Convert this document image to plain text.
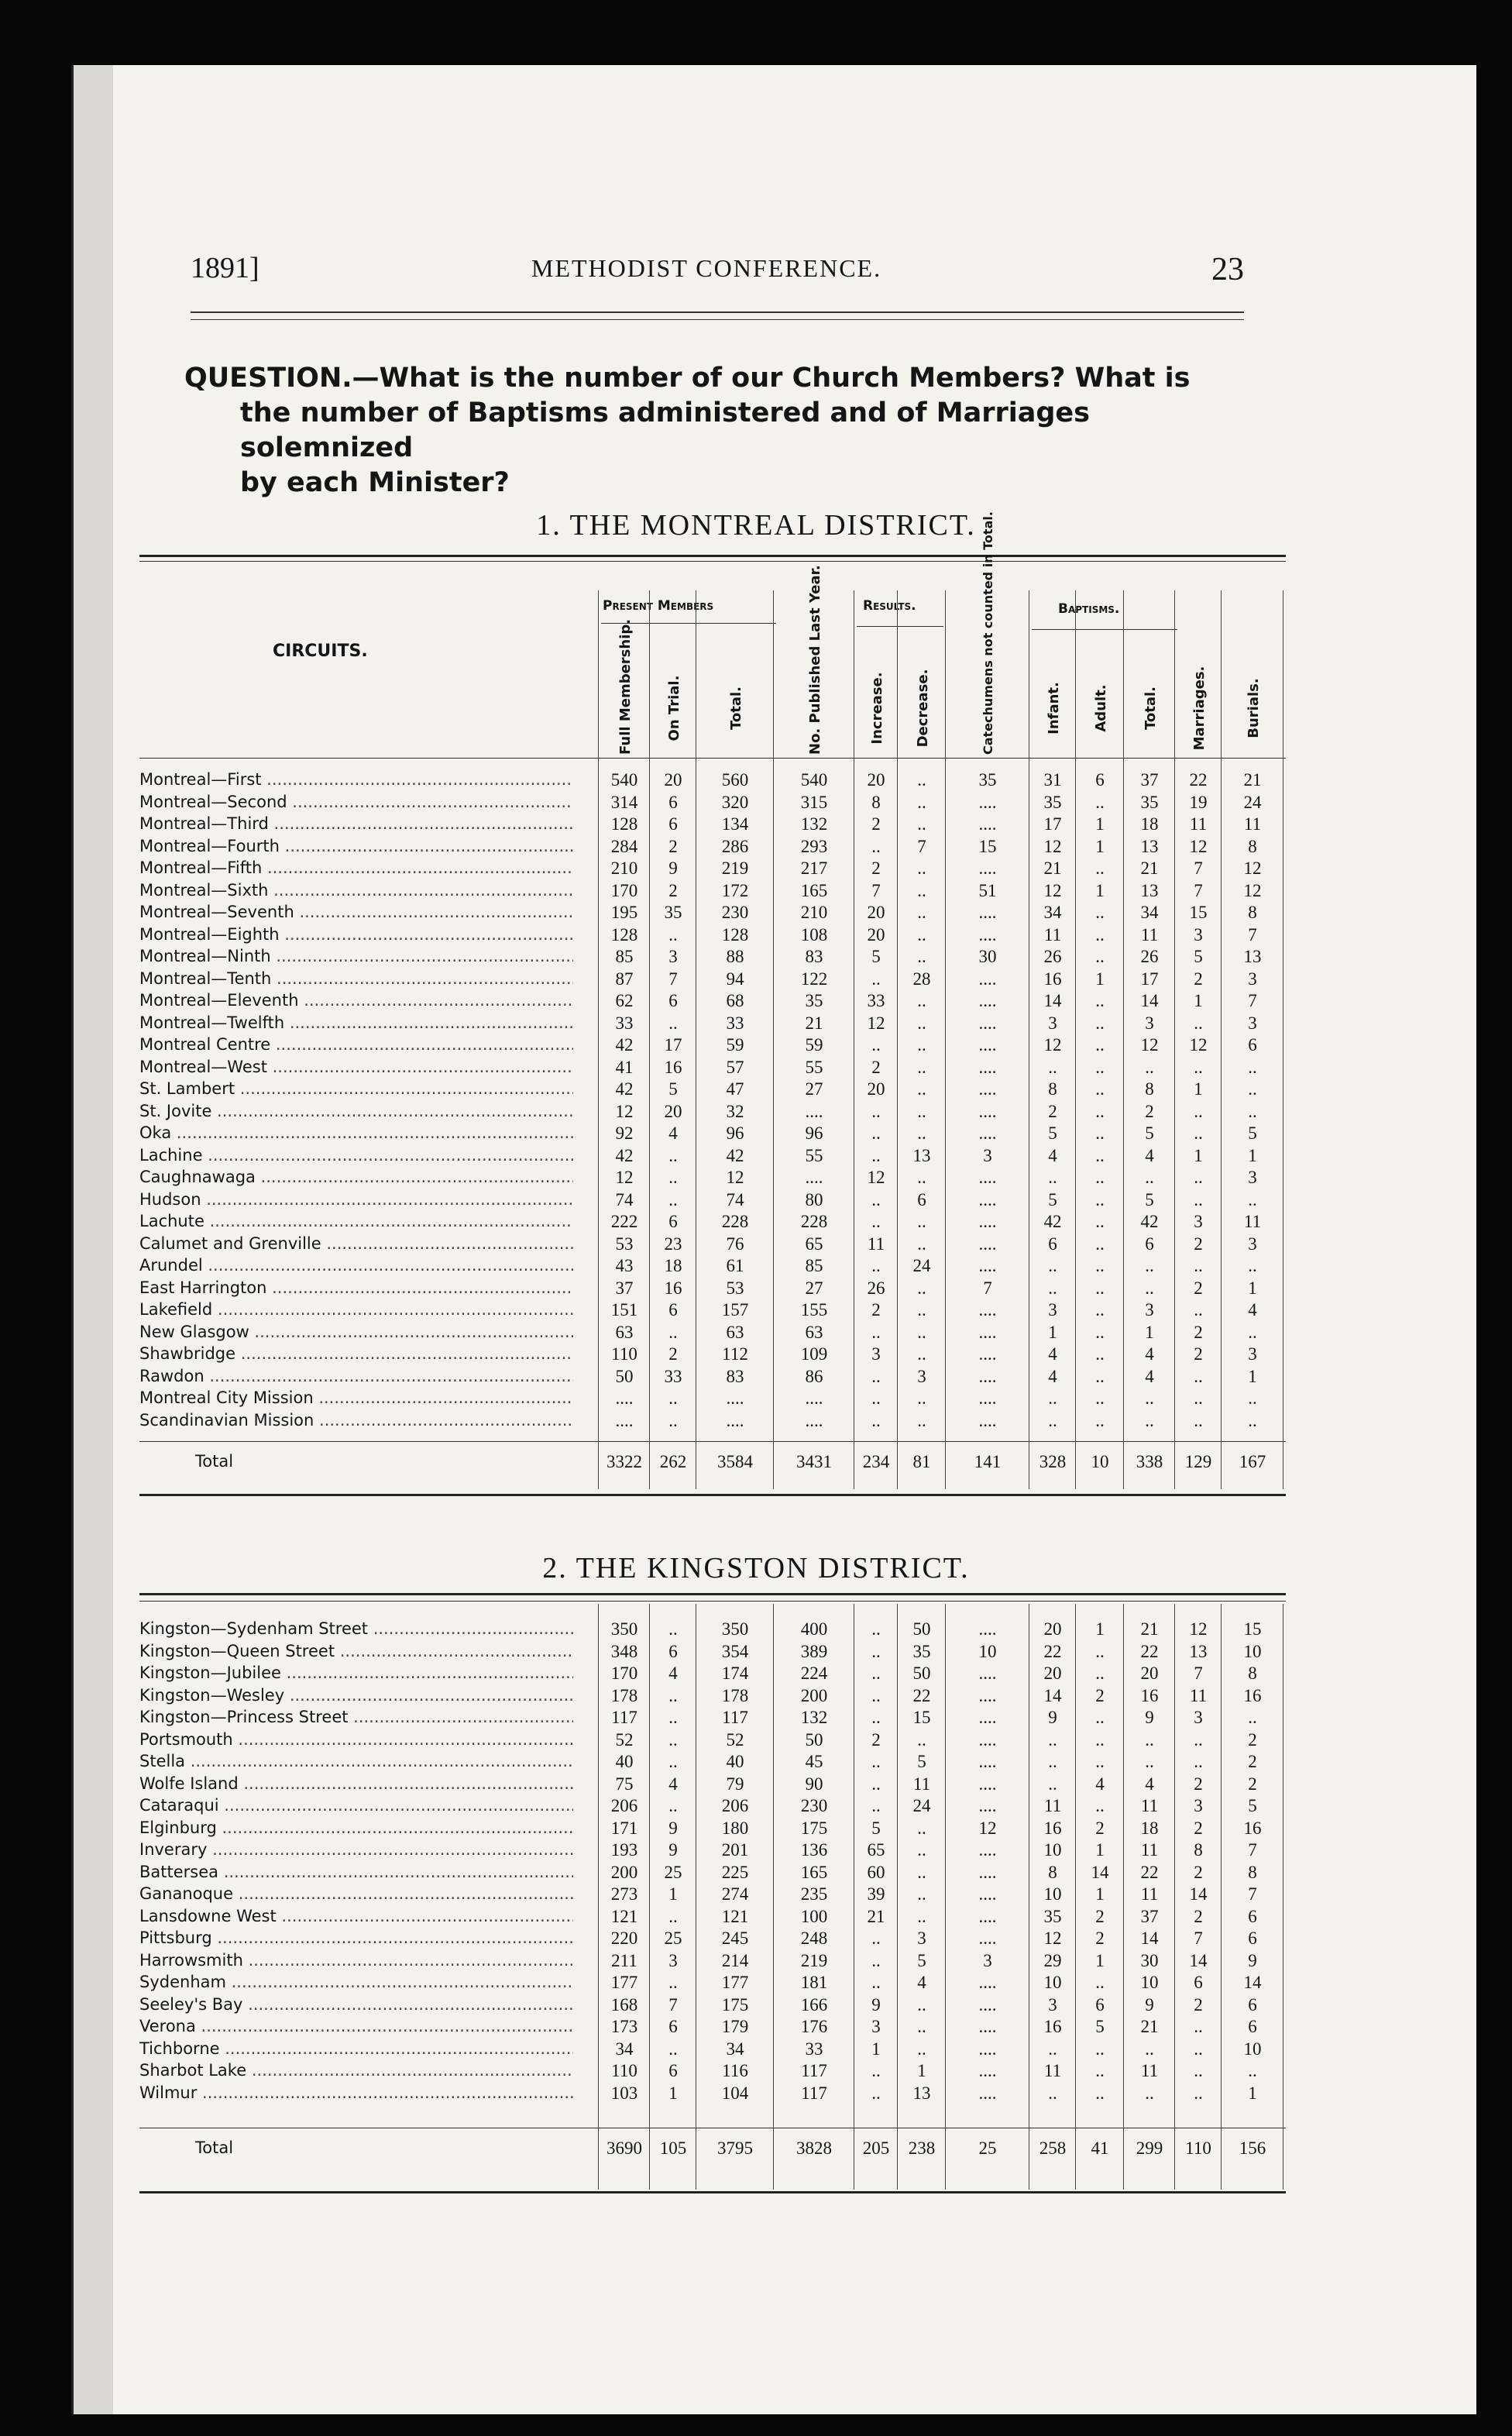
1891]	METHODIST CONFERENCE.	23
QUESTION.—What is the number of our Church Members? What is
the number of Baptisms administered and of Marriages solemnized
by each Minister?
1. THE MONTREAL DISTRICT.
CIRCUITS.
Present Members	Results.	Baptisms.
Full Membership. On Trial.	Total.	No. Published Last Year.	Increase. Decrease.	Catechumens not counted in Total.	Infant. Adult. Total. Marriages.	Burials.
Montreal—First .....	540	20	560	540	20	..	35	31	6	37	22	21
Montreal—Second .....	314	6	320	315	8	..	....	35	..	35	19	24
Montreal—Third .....	128	6	134	132	2	..	....	17	1	18	11	11
Montreal—Fourth .....	284	2	286	293	..	7	15	12	1	13	12	8
Montreal—Fifth .....	210	9	219	217	2	..	....	21	..	21	7	12
Montreal—Sixth .....	170	2	172	165	7	..	51	12	1	13	7	12
Montreal—Seventh .....	195	35	230	210	20	..	....	34	..	34	15	8
Montreal—Eighth .....	128	..	128	108	20	..	....	11	..	11	3	7
Montreal—Ninth .....	85	3	88	83	5	..	30	26	..	26	5	13
Montreal—Tenth .....	87	7	94	122	..	28	....	16	1	17	2	3
Montreal—Eleventh .....	62	6	68	35	33	..	....	14	..	14	1	7
Montreal—Twelfth .....	33	..	33	21	12	..	....	3	..	3	..	3
Montreal Centre .....	42	17	59	59	..	..	....	12	..	12	12	6
Montreal—West .....	41	16	57	55	2	..	....	..	..	..	..	..
St. Lambert .....	42	5	47	27	20	..	....	8	..	8	1	..
St. Jovite .....	12	20	32	....	..	..	....	2	..	2	..	..
Oka .....	92	4	96	96	..	..	....	5	..	5	..	5
Lachine .....	42	..	42	55	..	13	3	4	..	4	1	1
Caughnawaga .....	12	..	12	....	12	..	....	..	..	..	..	3
Hudson .....	74	..	74	80	..	6	....	5	..	5	..	..
Lachute .....	222	6	228	228	..	..	....	42	..	42	3	11
Calumet and Grenville .....	53	23	76	65	11	..	....	6	..	6	2	3
Arundel .....	43	18	61	85	..	24	....	..	..	..	..	..
East Harrington .....	37	16	53	27	26	..	7	..	..	..	2	1
Lakefield .....	151	6	157	155	2	..	....	3	..	3	..	4
New Glasgow .....	63	..	63	63	..	..	....	1	..	1	2	..
Shawbridge .....	110	2	112	109	3	..	....	4	..	4	2	3
Rawdon .....	50	33	83	86	..	3	....	4	..	4	..	1
Montreal City Mission .....	....	..	....	....	..	..	....	..	..	..	..	..
Scandinavian Mission .....	....	..	....	....	..	..	....	..	..	..	..	..
Total	3322 262	3584	3431	234	81	141	328	10	338	129	167
2. THE KINGSTON DISTRICT.
Kingston—Sydenham Street .....	350	..	350	400	..	50	....	20	1	21	12	15
Kingston—Queen Street .....	348	6	354	389	..	35	10	22	..	22	13	10
Kingston—Jubilee .....	170	4	174	224	..	50	....	20	..	20	7	8
Kingston—Wesley .....	178	..	178	200	..	22	....	14	2	16	11	16
Kingston—Princess Street .....	117	..	117	132	..	15	....	9	..	9	3	..
Portsmouth .....	52	..	52	50	2	..	....	..	..	..	..	2
Stella .....	40	..	40	45	..	5	....	..	..	..	..	2
Wolfe Island .....	75	4	79	90	..	11	....	..	4	4	2	2
Cataraqui .....	206	..	206	230	..	24	....	11	..	11	3	5
Elginburg .....	171	9	180	175	5	..	12	16	2	18	2	16
Inverary .....	193	9	201	136	65	..	....	10	1	11	8	7
Battersea .....	200	25	225	165	60	..	....	8	14	22	2	8
Gananoque .....	273	1	274	235	39	..	....	10	1	11	14	7
Lansdowne West .....	121	..	121	100	21	..	....	35	2	37	2	6
Pittsburg .....	220	25	245	248	..	3	....	12	2	14	7	6
Harrowsmith .....	211	3	214	219	..	5	3	29	1	30	14	9
Sydenham .....	177	..	177	181	..	4	....	10	..	10	6	14
Seeley's Bay .....	168	7	175	166	9	..	....	3	6	9	2	6
Verona .....	173	6	179	176	3	..	....	16	5	21	..	6
Tichborne .....	34	..	34	33	1	..	....	..	..	..	..	10
Sharbot Lake .....	110	6	116	117	..	1	....	11	..	11	..	..
Wilmur .....	103	1	104	117	..	13	....	..	..	..	..	1
Total	3690 105	3795	3828	205	238	25	258	41	299	110	156
